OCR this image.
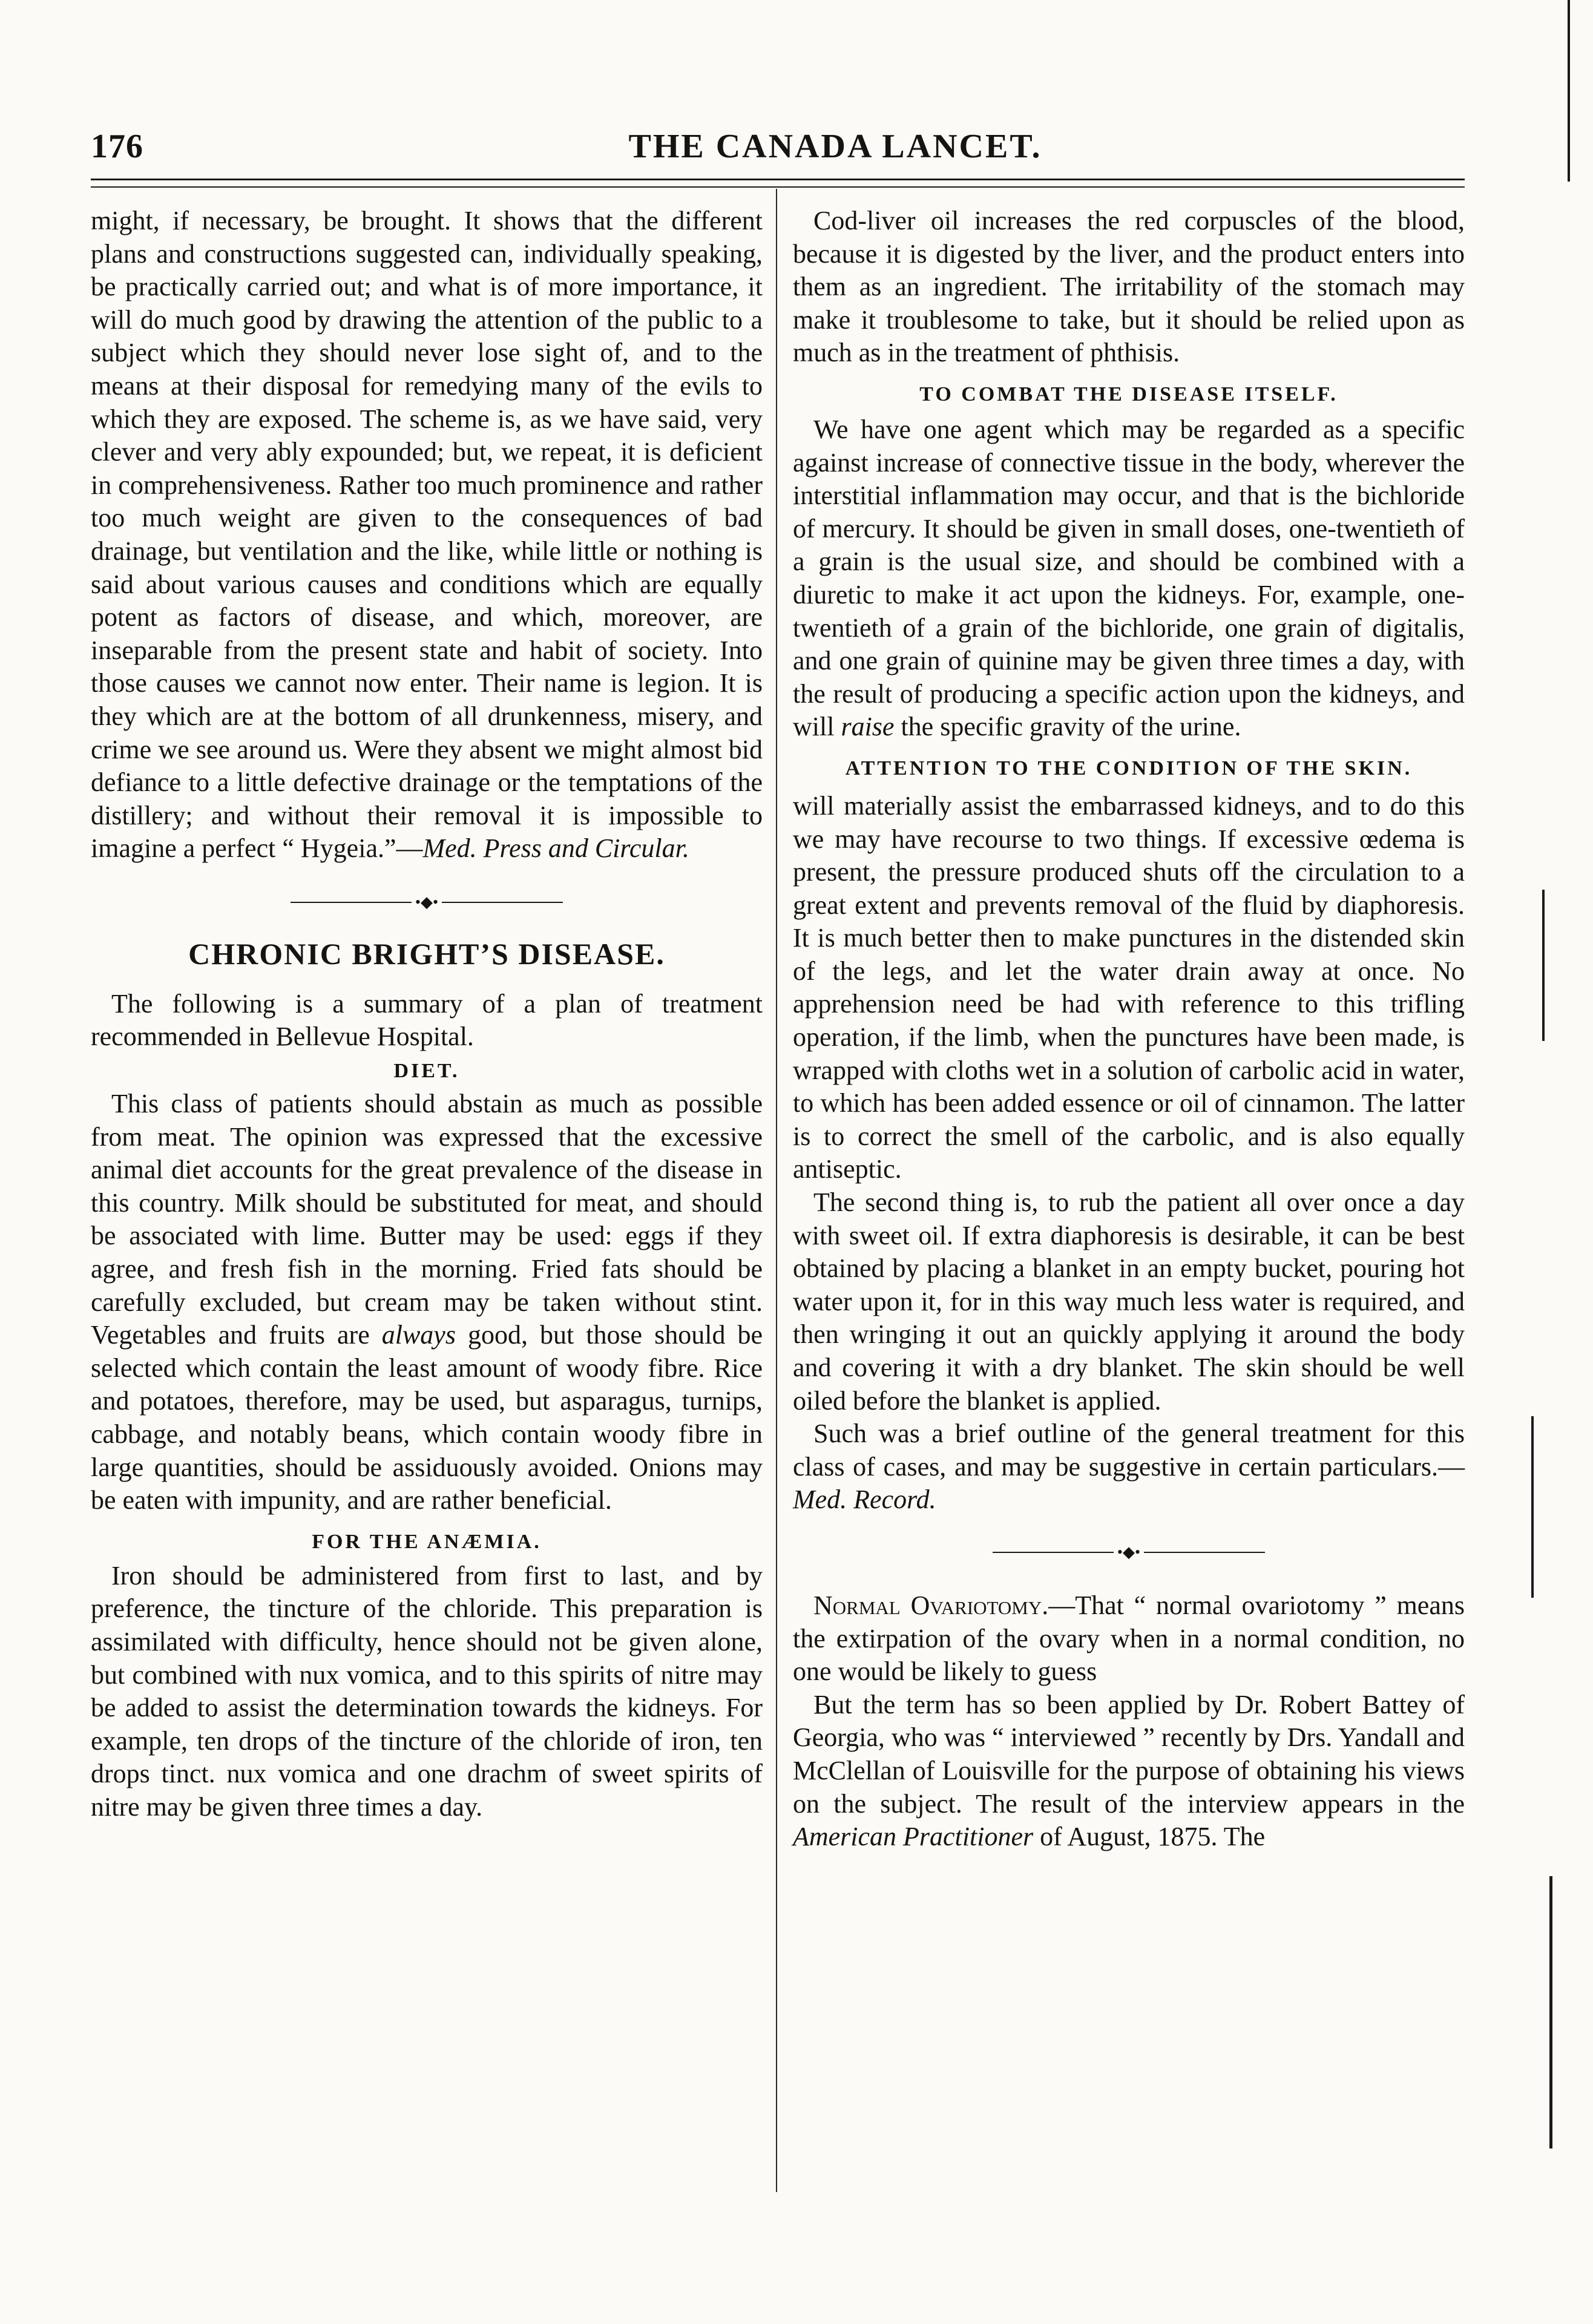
176	THE CANADA LANCET.

might, if necessary, be brought. It shows that the different plans and constructions suggested can, individually speaking, be practically carried out; and what is of more importance, it will do much good by drawing the attention of the public to a subject which they should never lose sight of, and to the means at their disposal for remedying many of the evils to which they are exposed. The scheme is, as we have said, very clever and very ably expounded; but, we repeat, it is deficient in comprehensiveness. Rather too much prominence and rather too much weight are given to the consequences of bad drainage, but ventilation and the like, while little or nothing is said about various causes and conditions which are equally potent as factors of disease, and which, moreover, are inseparable from the present state and habit of society. Into those causes we cannot now enter. Their name is legion. It is they which are at the bottom of all drunkenness, misery, and crime we see around us. Were they absent we might almost bid defiance to a little defective drainage or the temptations of the distillery; and without their removal it is impossible to imagine a perfect “ Hygeia.”—Med. Press and Circular.

•◆•
CHRONIC BRIGHT’S DISEASE.

The following is a summary of a plan of treatment recommended in Bellevue Hospital.

DIET.

This class of patients should abstain as much as possible from meat. The opinion was expressed that the excessive animal diet accounts for the great prevalence of the disease in this country. Milk should be substituted for meat, and should be associated with lime. Butter may be used: eggs if they agree, and fresh fish in the morning. Fried fats should be carefully excluded, but cream may be taken without stint. Vegetables and fruits are always good, but those should be selected which contain the least amount of woody fibre. Rice and potatoes, therefore, may be used, but asparagus, turnips, cabbage, and notably beans, which contain woody fibre in large quantities, should be assiduously avoided. Onions may be eaten with impunity, and are rather beneficial.

FOR THE ANÆMIA.

Iron should be administered from first to last, and by preference, the tincture of the chloride. This preparation is assimilated with difficulty, hence should not be given alone, but combined with nux vomica, and to this spirits of nitre may be added to assist the determination towards the kidneys. For example, ten drops of the tincture of the chloride of iron, ten drops tinct. nux vomica and one drachm of sweet spirits of nitre may be given three times a day.

Cod-liver oil increases the red corpuscles of the blood, because it is digested by the liver, and the product enters into them as an ingredient. The irritability of the stomach may make it troublesome to take, but it should be relied upon as much as in the treatment of phthisis.

TO COMBAT THE DISEASE ITSELF.

We have one agent which may be regarded as a specific against increase of connective tissue in the body, wherever the interstitial inflammation may occur, and that is the bichloride of mercury. It should be given in small doses, one-twentieth of a grain is the usual size, and should be combined with a diuretic to make it act upon the kidneys. For, example, one-twentieth of a grain of the bichloride, one grain of digitalis, and one grain of quinine may be given three times a day, with the result of producing a specific action upon the kidneys, and will raise the specific gravity of the urine.

ATTENTION TO THE CONDITION OF THE SKIN.

will materially assist the embarrassed kidneys, and to do this we may have recourse to two things. If excessive œdema is present, the pressure produced shuts off the circulation to a great extent and prevents removal of the fluid by diaphoresis. It is much better then to make punctures in the distended skin of the legs, and let the water drain away at once. No apprehension need be had with reference to this trifling operation, if the limb, when the punctures have been made, is wrapped with cloths wet in a solution of carbolic acid in water, to which has been added essence or oil of cinnamon. The latter is to correct the smell of the carbolic, and is also equally antiseptic.

The second thing is, to rub the patient all over once a day with sweet oil. If extra diaphoresis is desirable, it can be best obtained by placing a blanket in an empty bucket, pouring hot water upon it, for in this way much less water is required, and then wringing it out an quickly applying it around the body and covering it with a dry blanket. The skin should be well oiled before the blanket is applied.

Such was a brief outline of the general treatment for this class of cases, and may be suggestive in certain particulars.—Med. Record.

•◆•

Normal Ovariotomy.—That “ normal ovariotomy ” means the extirpation of the ovary when in a normal condition, no one would be likely to guess

But the term has so been applied by Dr. Robert Battey of Georgia, who was “ interviewed ” recently by Drs. Yandall and McClellan of Louisville for the purpose of obtaining his views on the subject. The result of the interview appears in the American Practitioner of August, 1875. The
